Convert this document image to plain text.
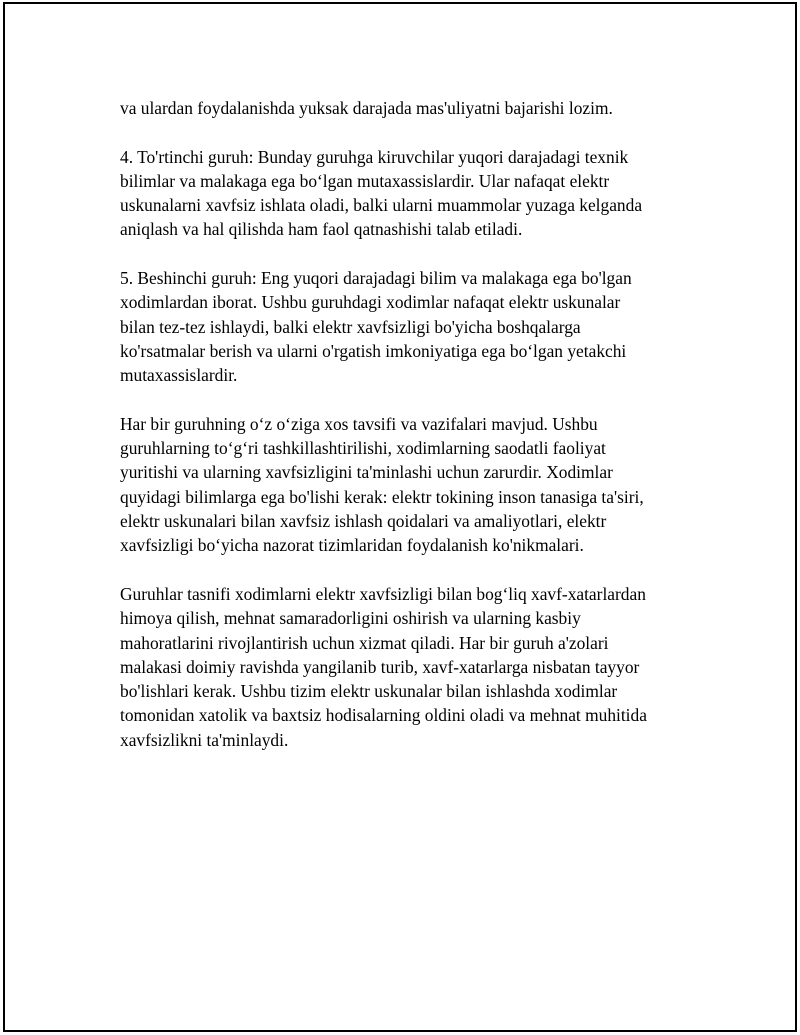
va ulardan foydalanishda yuksak darajada mas'uliyatni bajarishi lozim.

4. To'rtinchi guruh: Bunday guruhga kiruvchilar yuqori darajadagi texnik
bilimlar va malakaga ega bo‘lgan mutaxassislardir. Ular nafaqat elektr
uskunalarni xavfsiz ishlata oladi, balki ularni muammolar yuzaga kelganda
aniqlash va hal qilishda ham faol qatnashishi talab etiladi.

5. Beshinchi guruh: Eng yuqori darajadagi bilim va malakaga ega bo'lgan
xodimlardan iborat. Ushbu guruhdagi xodimlar nafaqat elektr uskunalar
bilan tez-tez ishlaydi, balki elektr xavfsizligi bo'yicha boshqalarga
ko'rsatmalar berish va ularni o'rgatish imkoniyatiga ega bo‘lgan yetakchi
mutaxassislardir.

Har bir guruhning o‘z o‘ziga xos tavsifi va vazifalari mavjud. Ushbu
guruhlarning to‘g‘ri tashkillashtirilishi, xodimlarning saodatli faoliyat
yuritishi va ularning xavfsizligini ta'minlashi uchun zarurdir. Xodimlar
quyidagi bilimlarga ega bo'lishi kerak: elektr tokining inson tanasiga ta'siri,
elektr uskunalari bilan xavfsiz ishlash qoidalari va amaliyotlari, elektr
xavfsizligi bo‘yicha nazorat tizimlaridan foydalanish ko'nikmalari.

Guruhlar tasnifi xodimlarni elektr xavfsizligi bilan bog‘liq xavf-xatarlardan
himoya qilish, mehnat samaradorligini oshirish va ularning kasbiy
mahoratlarini rivojlantirish uchun xizmat qiladi. Har bir guruh a'zolari
malakasi doimiy ravishda yangilanib turib, xavf-xatarlarga nisbatan tayyor
bo'lishlari kerak. Ushbu tizim elektr uskunalar bilan ishlashda xodimlar
tomonidan xatolik va baxtsiz hodisalarning oldini oladi va mehnat muhitida
xavfsizlikni ta'minlaydi.
